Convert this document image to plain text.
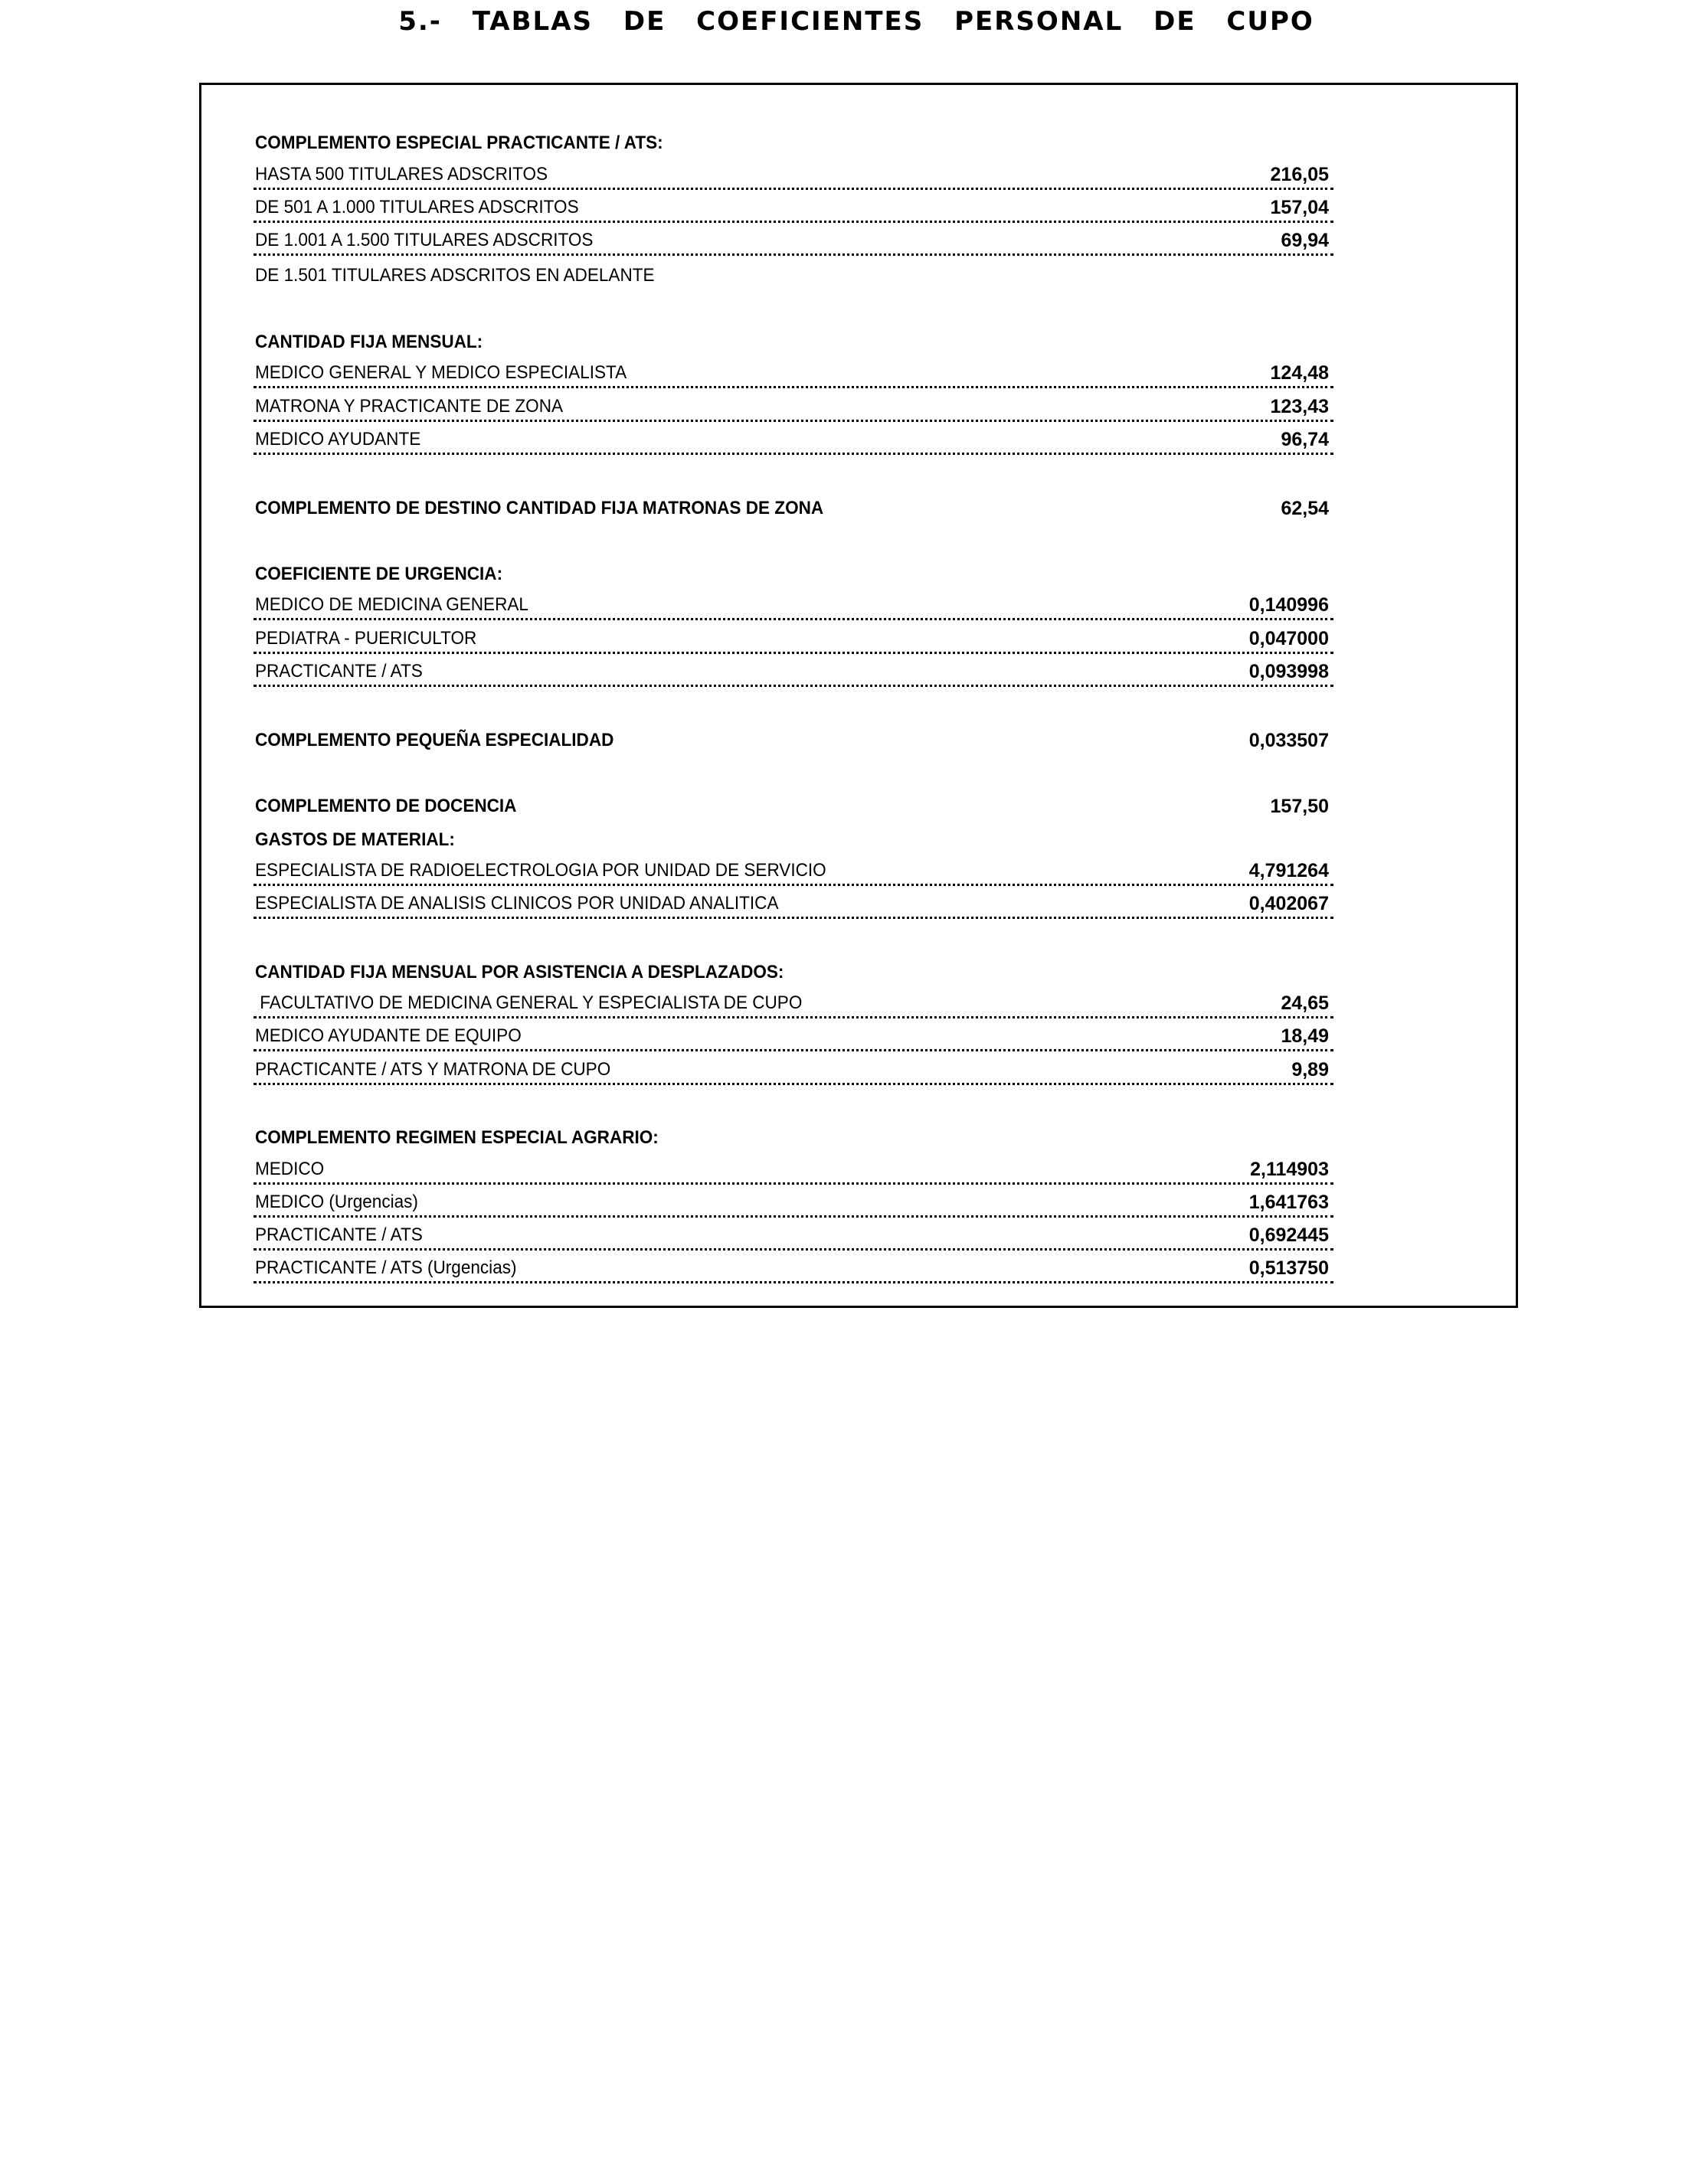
5.- TABLAS DE COEFICIENTES PERSONAL DE CUPO
COMPLEMENTO ESPECIAL PRACTICANTE / ATS:
HASTA 500 TITULARES ADSCRITOS	216,05
DE 501 A 1.000 TITULARES ADSCRITOS	157,04
DE 1.001 A 1.500 TITULARES ADSCRITOS	69,94
DE 1.501 TITULARES ADSCRITOS EN ADELANTE
CANTIDAD FIJA MENSUAL:
MEDICO GENERAL Y MEDICO ESPECIALISTA	124,48
MATRONA Y PRACTICANTE DE ZONA	123,43
MEDICO AYUDANTE	96,74
COMPLEMENTO DE DESTINO CANTIDAD FIJA MATRONAS DE ZONA	62,54
COEFICIENTE DE URGENCIA:
MEDICO DE MEDICINA GENERAL	0,140996
PEDIATRA - PUERICULTOR	0,047000
PRACTICANTE / ATS	0,093998
COMPLEMENTO PEQUEÑA ESPECIALIDAD	0,033507
COMPLEMENTO DE DOCENCIA	157,50
GASTOS DE MATERIAL:
ESPECIALISTA DE RADIOELECTROLOGIA POR UNIDAD DE SERVICIO	4,791264
ESPECIALISTA DE ANALISIS CLINICOS POR UNIDAD ANALITICA	0,402067
CANTIDAD FIJA MENSUAL POR ASISTENCIA A DESPLAZADOS:
FACULTATIVO DE MEDICINA GENERAL Y ESPECIALISTA DE CUPO	24,65
MEDICO AYUDANTE DE EQUIPO	18,49
PRACTICANTE / ATS Y MATRONA DE CUPO	9,89
COMPLEMENTO REGIMEN ESPECIAL AGRARIO:
MEDICO	2,114903
MEDICO (Urgencias)	1,641763
PRACTICANTE / ATS	0,692445
PRACTICANTE / ATS (Urgencias)	0,513750
